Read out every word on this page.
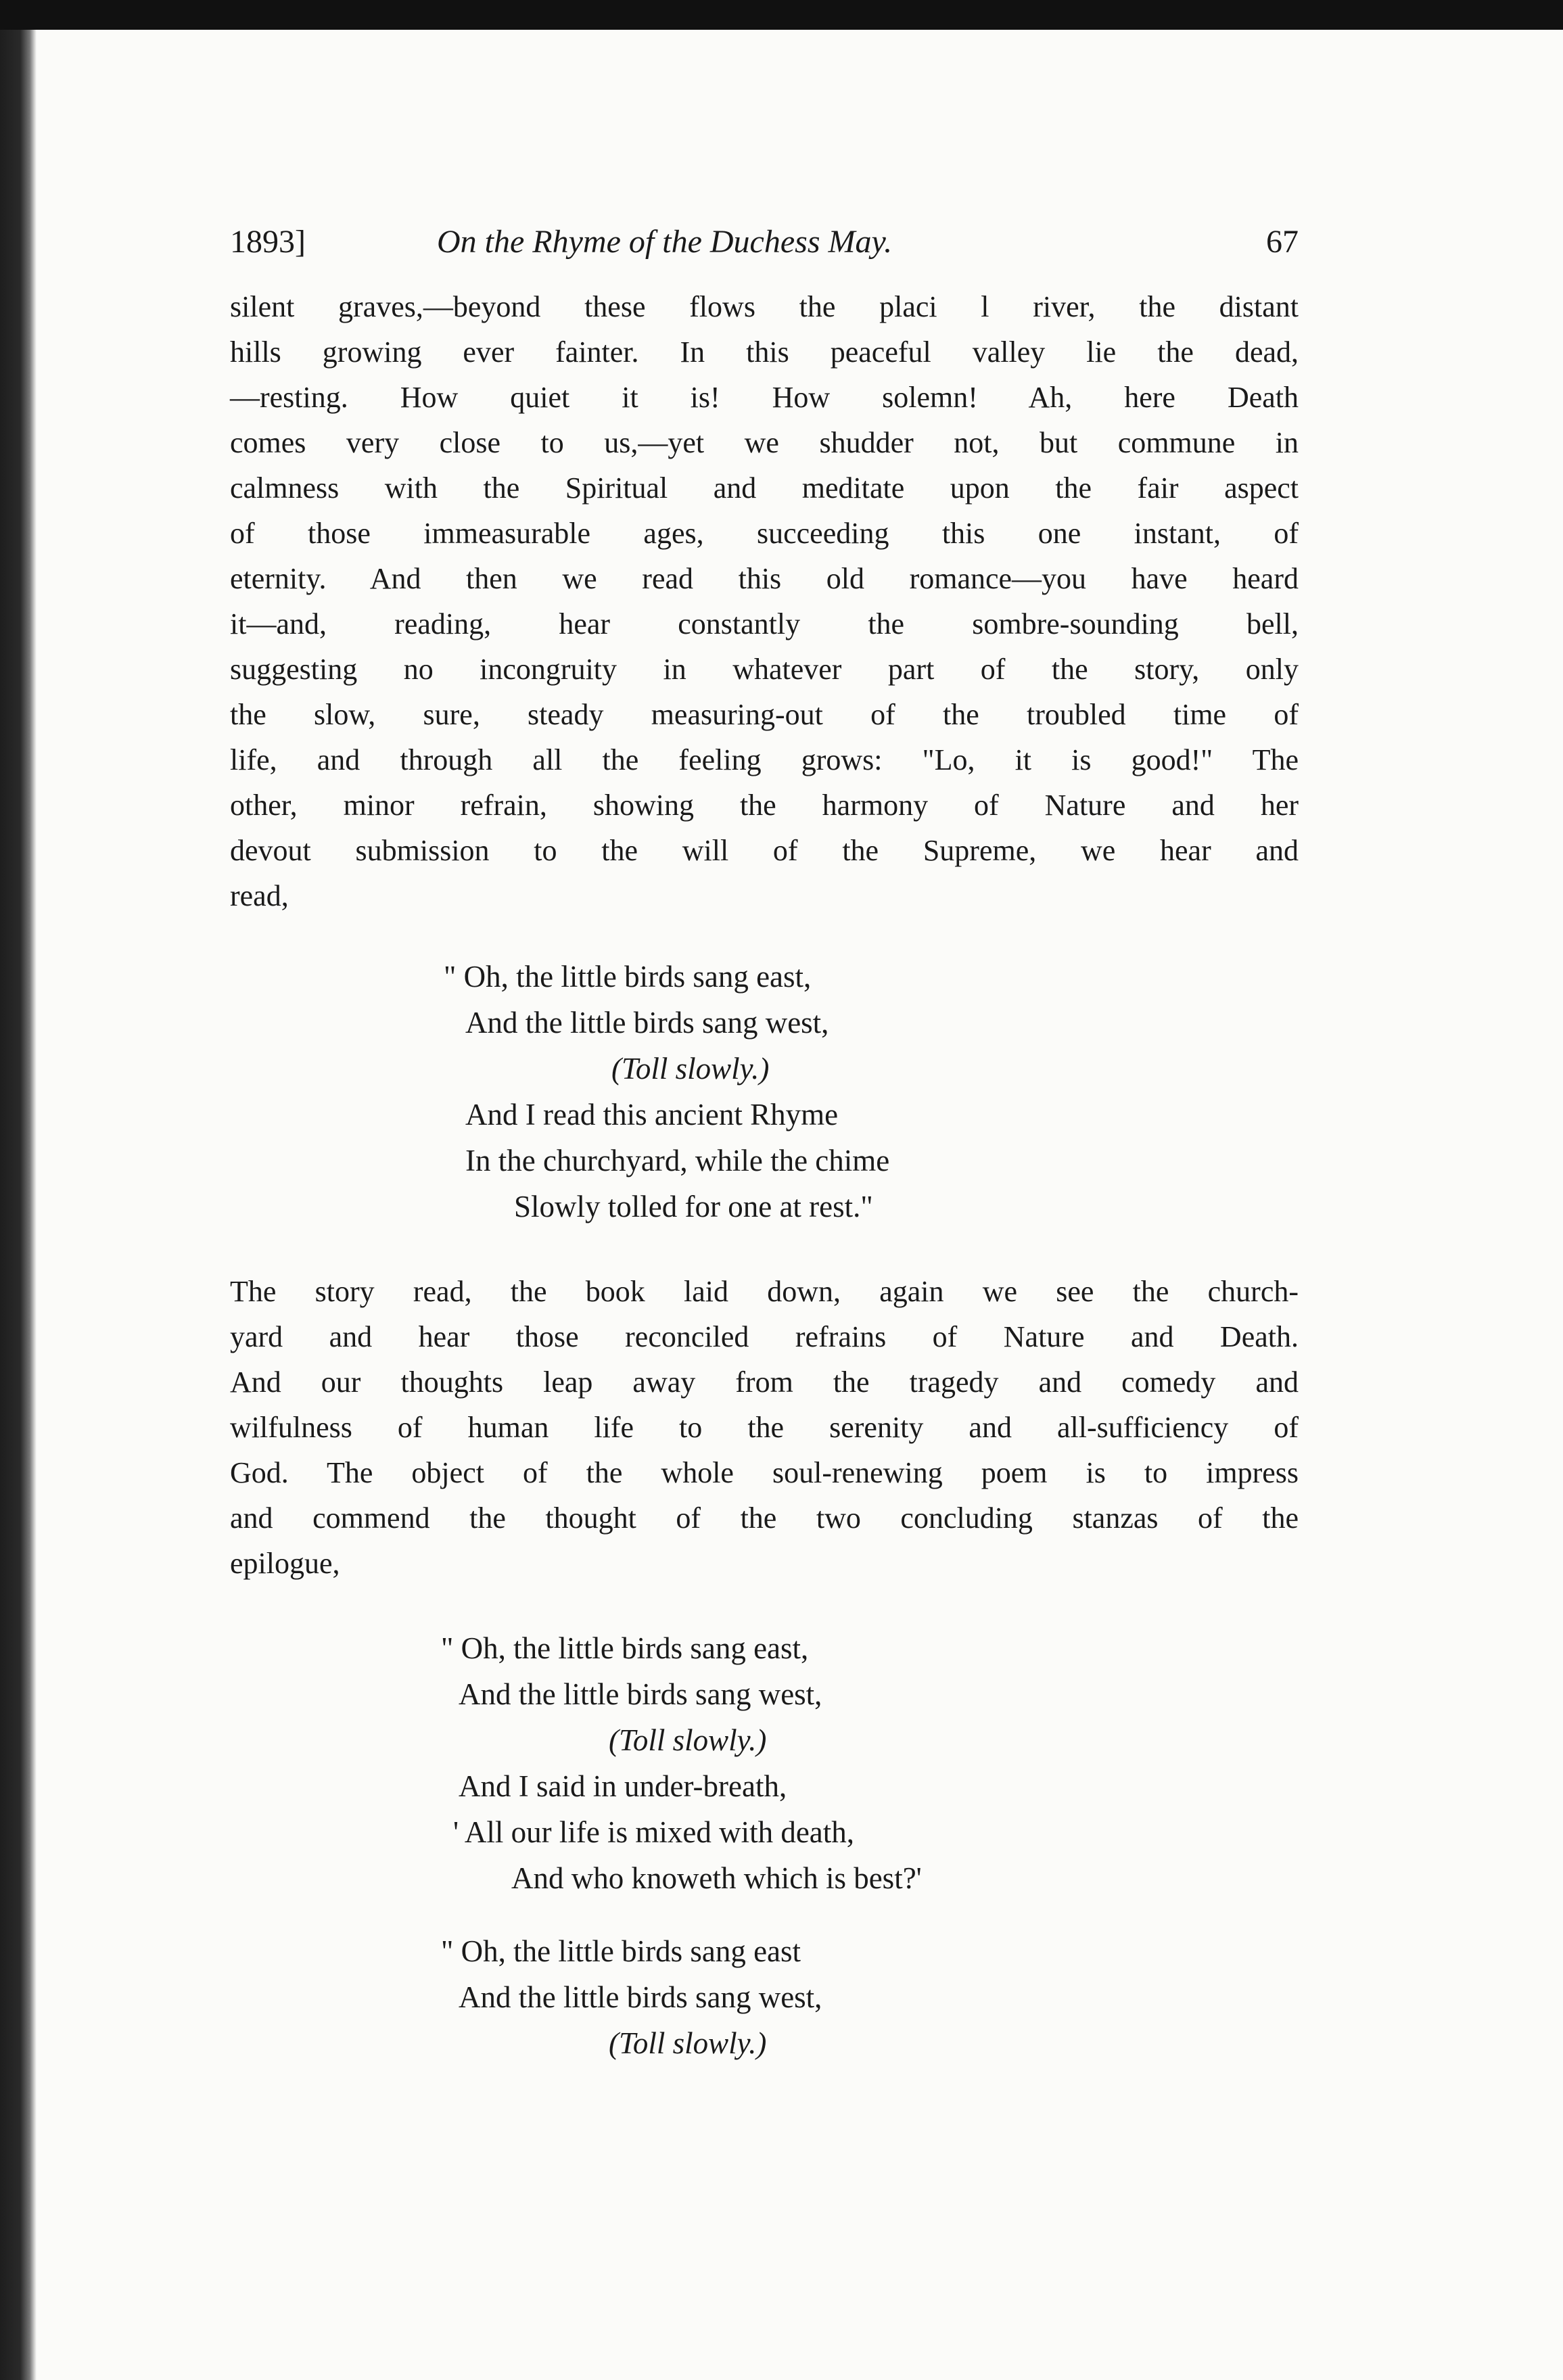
1893]	On the Rhyme of the Duchess May.	67

silent graves,—beyond these flows the placi l river, the distant
hills growing ever fainter. In this peaceful valley lie the dead,
—resting. How quiet it is! How solemn! Ah, here Death
comes very close to us,—yet we shudder not, but commune in
calmness with the Spiritual and meditate upon the fair aspect
of those immeasurable ages, succeeding this one instant, of
eternity. And then we read this old romance—you have heard
it—and, reading, hear constantly the sombre-sounding bell,
suggesting no incongruity in whatever part of the story, only
the slow, sure, steady measuring-out of the troubled time of
life, and through all the feeling grows: "Lo, it is good!" The
other, minor refrain, showing the harmony of Nature and her
devout submission to the will of the Supreme, we hear and
read,

" Oh, the little birds sang east,
And the little birds sang west,
(Toll slowly.)
And I read this ancient Rhyme
In the churchyard, while the chime
Slowly tolled for one at rest."

The story read, the book laid down, again we see the church-
yard and hear those reconciled refrains of Nature and Death.
And our thoughts leap away from the tragedy and comedy and
wilfulness of human life to the serenity and all-sufficiency of
God. The object of the whole soul-renewing poem is to impress
and commend the thought of the two concluding stanzas of the
epilogue,

" Oh, the little birds sang east,
And the little birds sang west,
(Toll slowly.)
And I said in under-breath,
' All our life is mixed with death,
And who knoweth which is best?'
" Oh, the little birds sang east
And the little birds sang west,
(Toll slowly.)
